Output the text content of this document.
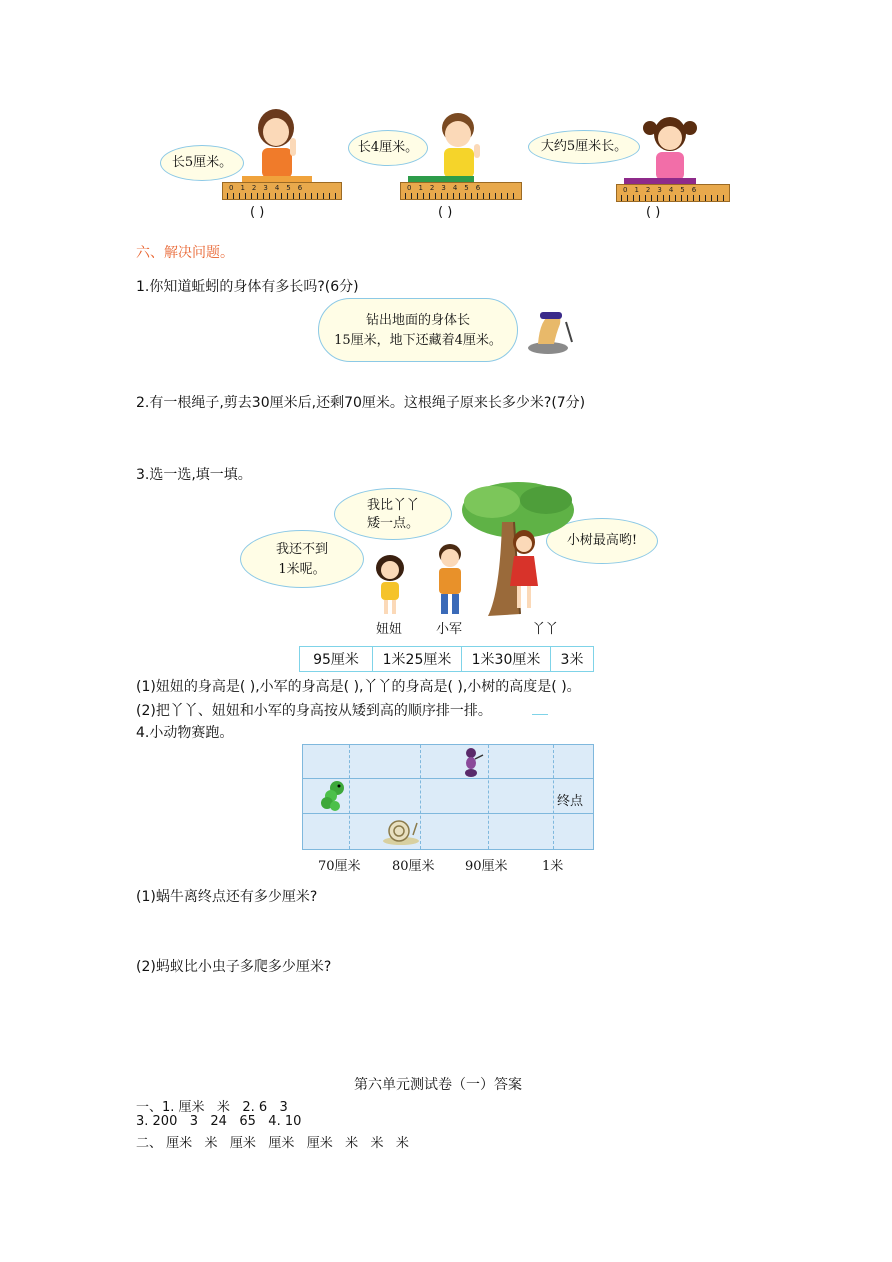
长5厘米。
0123456
( )
长4厘米。
0123456
( )
大约5厘米长。
0123456
( )
六、解决问题。
1.你知道蚯蚓的身体有多长吗?(6分)
钻出地面的身体长
15厘米，地下还藏着4厘米。
2.有一根绳子,剪去30厘米后,还剩70厘米。这根绳子原来长多少米?(7分)
3.选一选,填一填。
我比丫丫
矮一点。
我还不到
1米呢。
小树最高哟!
妞妞	小军	丫丫
95厘米	1米25厘米	1米30厘米	3米
(1)妞妞的身高是( ),小军的身高是( ),丫丫的身高是( ),小树的高度是( )。
(2)把丫丫、妞妞和小军的身高按从矮到高的顺序排一排。
4.小动物赛跑。
终点
70厘米 80厘米 90厘米	1米
(1)蜗牛离终点还有多少厘米?
(2)蚂蚁比小虫子多爬多少厘米?
第六单元测试卷（一）答案
一、1. 厘米   米   2. 6   3
3. 200   3   24   65   4. 10
二、 厘米   米   厘米   厘米   厘米   米   米   米
